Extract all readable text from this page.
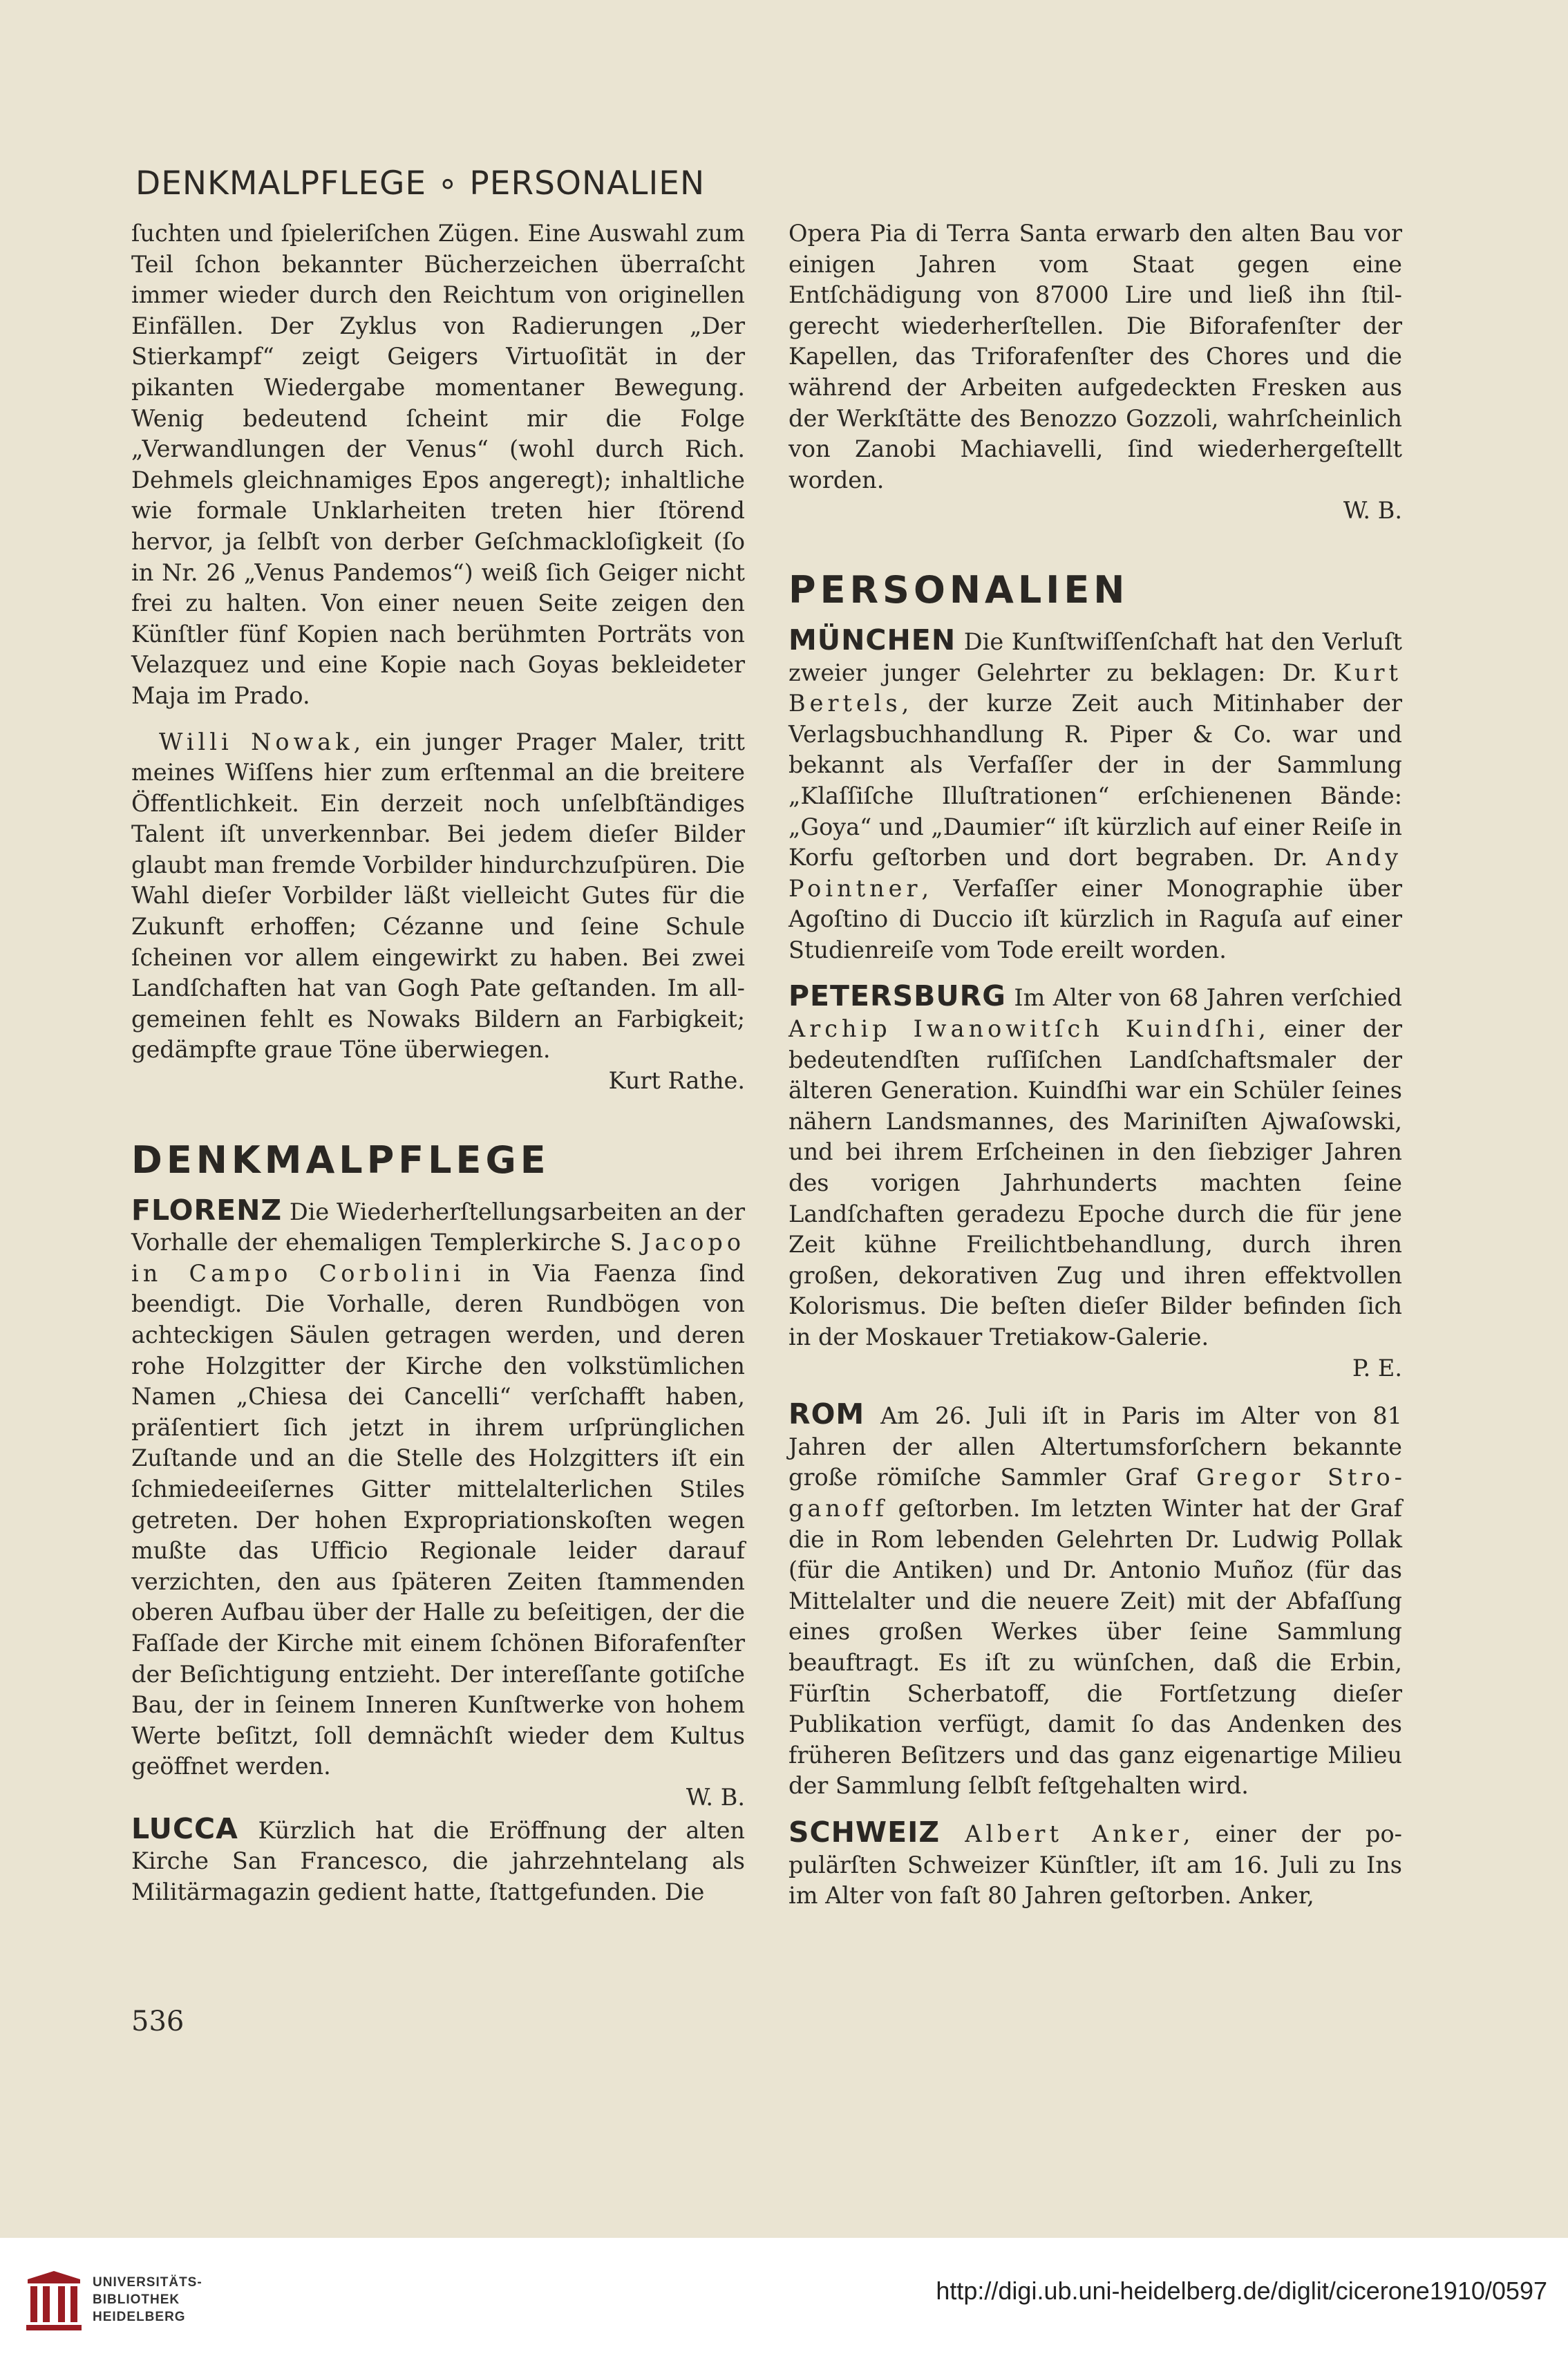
DENKMALPFLEGE ∘ PERSONALIEN

ſuchten und ſpieleriſchen Zügen. Eine Auswahl zum Teil ſchon bekannter Bücherzeichen überraſcht immer wieder durch den Reichtum von originellen Einfällen. Der Zyklus von Radierungen „Der Stierkampf“ zeigt Geigers Virtuoſität in der pikanten Wiedergabe momentaner Bewegung. Wenig bedeutend ſcheint mir die Folge „Verwandlungen der Venus“ (wohl durch Rich. Dehmels gleichnamiges Epos angeregt); inhaltliche wie formale Unklarheiten treten hier ſtörend hervor, ja ſelbſt von derber Geſchmackloſigkeit (ſo in Nr. 26 „Venus Pandemos“) weiß ſich Geiger nicht frei zu halten. Von einer neuen Seite zeigen den Künſtler fünf Kopien nach berühmten Porträts von Velazquez und eine Kopie nach Goyas bekleideter Maja im Prado.

Willi Nowak, ein junger Prager Maler, tritt meines Wiſſens hier zum erſtenmal an die breitere Öffentlichkeit. Ein derzeit noch unſelbſtändiges Talent iſt unverkennbar. Bei jedem dieſer Bilder glaubt man fremde Vorbilder hindurchzuſpüren. Die Wahl dieſer Vorbilder läßt vielleicht Gutes für die Zukunft erhoffen; Cézanne und ſeine Schule ſcheinen vor allem eingewirkt zu haben. Bei zwei Landſchaften hat van Gogh Pate geſtanden. Im allgemeinen fehlt es Nowaks Bildern an Farbigkeit; gedämpfte graue Töne überwiegen.

Kurt Rathe.

DENKMALPFLEGE

FLORENZ Die Wiederherſtellungsarbeiten an der Vorhalle der ehemaligen Templerkirche S. Jacopo in Campo Corbolini in Via Faenza ſind beendigt. Die Vorhalle, deren Rundbögen von achteckigen Säulen getragen werden, und deren rohe Holzgitter der Kirche den volkstümlichen Namen „Chiesa dei Cancelli“ verſchafft haben, präſentiert ſich jetzt in ihrem urſprünglichen Zuſtande und an die Stelle des Holzgitters iſt ein ſchmiedeeiſernes Gitter mittelalterlichen Stiles getreten. Der hohen Expropriationskoſten wegen mußte das Ufficio Regionale leider darauf verzichten, den aus ſpäteren Zeiten ſtammenden oberen Aufbau über der Halle zu beſeitigen, der die Faſſade der Kirche mit einem ſchönen Biforafenſter der Beſichtigung entzieht. Der intereſſante gotiſche Bau, der in ſeinem Inneren Kunſtwerke von hohem Werte beſitzt, ſoll demnächſt wieder dem Kultus geöffnet werden.

W. B.

LUCCA Kürzlich hat die Eröffnung der alten Kirche San Francesco, die jahrzehntelang als Militärmagazin gedient hatte, ſtattgefunden. Die

Opera Pia di Terra Santa erwarb den alten Bau vor einigen Jahren vom Staat gegen eine Entſchädigung von 87000 Lire und ließ ihn ſtilgerecht wiederherſtellen. Die Biforafenſter der Kapellen, das Triforafenſter des Chores und die während der Arbeiten aufgedeckten Fresken aus der Werkſtätte des Benozzo Gozzoli, wahrſcheinlich von Zanobi Machiavelli, ſind wiederhergeſtellt worden.

W. B.

PERSONALIEN

MÜNCHEN Die Kunſtwiſſenſchaft hat den Verluſt zweier junger Gelehrter zu beklagen: Dr. Kurt Bertels, der kurze Zeit auch Mitinhaber der Verlagsbuchhandlung R. Piper & Co. war und bekannt als Verfaſſer der in der Sammlung „Klaſſiſche Illuſtrationen“ erſchienenen Bände: „Goya“ und „Daumier“ iſt kürzlich auf einer Reiſe in Korfu geſtorben und dort begraben. Dr. Andy Pointner, Verfaſſer einer Monographie über Agoſtino di Duccio iſt kürzlich in Raguſa auf einer Studienreiſe vom Tode ereilt worden.

PETERSBURG Im Alter von 68 Jahren verſchied Archip Iwanowitſch Kuindſhi, einer der bedeutendſten ruſſiſchen Landſchaftsmaler der älteren Generation. Kuindſhi war ein Schüler ſeines nähern Landsmannes, des Mariniſten Ajwaſowski, und bei ihrem Erſcheinen in den ſiebziger Jahren des vorigen Jahrhunderts machten ſeine Landſchaften geradezu Epoche durch die für jene Zeit kühne Freilichtbehandlung, durch ihren großen, dekorativen Zug und ihren effektvollen Kolorismus. Die beſten dieſer Bilder befinden ſich in der Moskauer Tretiakow-Galerie.

P. E.

ROM Am 26. Juli iſt in Paris im Alter von 81 Jahren der allen Altertumsforſchern bekannte große römiſche Sammler Graf Gregor Stroganoff geſtorben. Im letzten Winter hat der Graf die in Rom lebenden Gelehrten Dr. Ludwig Pollak (für die Antiken) und Dr. Antonio Muñoz (für das Mittelalter und die neuere Zeit) mit der Abfaſſung eines großen Werkes über ſeine Sammlung beauftragt. Es iſt zu wünſchen, daß die Erbin, Fürſtin Scherbatoff, die Fortſetzung dieſer Publikation verfügt, damit ſo das Andenken des früheren Beſitzers und das ganz eigenartige Milieu der Sammlung ſelbſt feſtgehalten wird.

SCHWEIZ Albert Anker, einer der populärſten Schweizer Künſtler, iſt am 16. Juli zu Ins im Alter von faſt 80 Jahren geſtorben. Anker,

536
UNIVERSITÄTS-
BIBLIOTHEK
HEIDELBERG
http://digi.ub.uni-heidelberg.de/diglit/cicerone1910/0597
